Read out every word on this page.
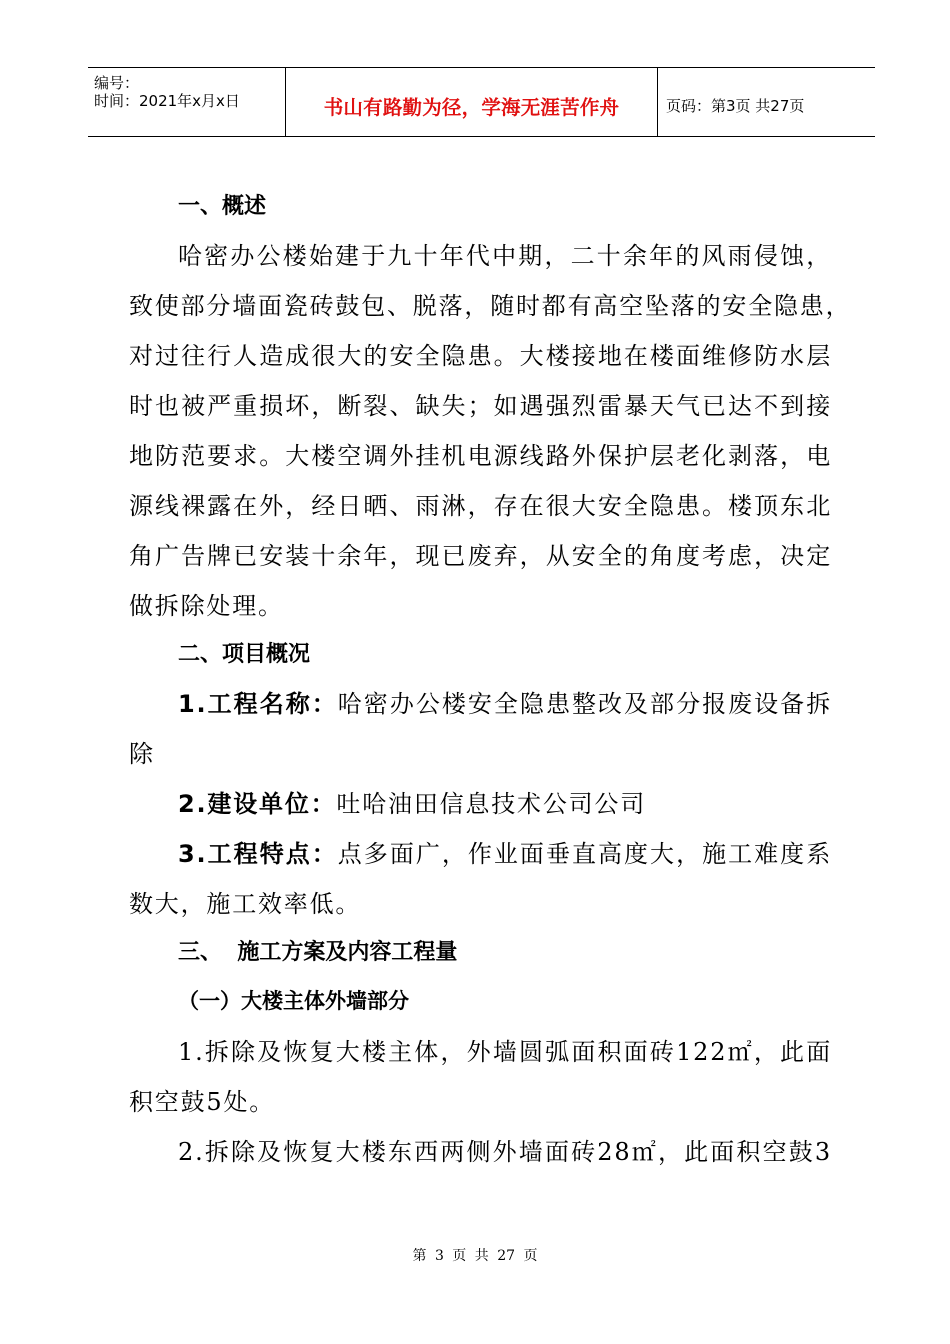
编号：
时间：2021年x月x日	书山有路勤为径，学海无涯苦作舟	页码：第3页 共27页
一、概述
哈密办公楼始建于九十年代中期，二十余年的风雨侵蚀，
致使部分墙面瓷砖鼓包、脱落，随时都有高空坠落的安全隐患，
对过往行人造成很大的安全隐患。大楼接地在楼面维修防水层
时也被严重损坏，断裂、缺失；如遇强烈雷暴天气已达不到接
地防范要求。大楼空调外挂机电源线路外保护层老化剥落，电
源线裸露在外，经日晒、雨淋，存在很大安全隐患。楼顶东北
角广告牌已安装十余年，现已废弃，从安全的角度考虑，决定
做拆除处理。
二、项目概况
1.工程名称：哈密办公楼安全隐患整改及部分报废设备拆
除
2.建设单位：吐哈油田信息技术公司公司
3.工程特点：点多面广，作业面垂直高度大，施工难度系
数大，施工效率低。
三、  施工方案及内容工程量
（一）大楼主体外墙部分
1.拆除及恢复大楼主体，外墙圆弧面积面砖122㎡，此面
积空鼓5处。
2.拆除及恢复大楼东西两侧外墙面砖28㎡，此面积空鼓3
第 3 页 共 27 页
